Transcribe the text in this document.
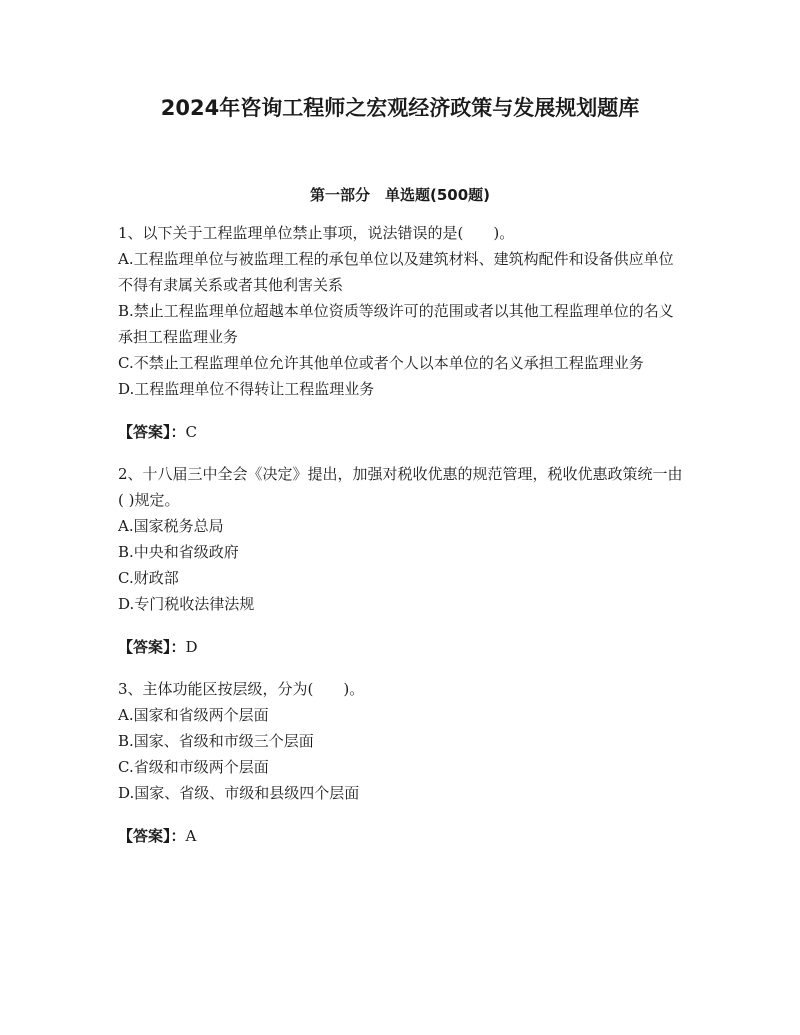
2024年咨询工程师之宏观经济政策与发展规划题库
第一部分　单选题(500题)

1、以下关于工程监理单位禁止事项，说法错误的是(　　)。

A.工程监理单位与被监理工程的承包单位以及建筑材料、建筑构配件和设备供应单位不得有隶属关系或者其他利害关系

B.禁止工程监理单位超越本单位资质等级许可的范围或者以其他工程监理单位的名义承担工程监理业务

C.不禁止工程监理单位允许其他单位或者个人以本单位的名义承担工程监理业务

D.工程监理单位不得转让工程监理业务

【答案】：C

2、十八届三中全会《决定》提出，加强对税收优惠的规范管理，税收优惠政策统一由( )规定。

A.国家税务总局

B.中央和省级政府

C.财政部

D.专门税收法律法规

【答案】：D

3、主体功能区按层级，分为(　　)。

A.国家和省级两个层面

B.国家、省级和市级三个层面

C.省级和市级两个层面

D.国家、省级、市级和县级四个层面

【答案】：A
